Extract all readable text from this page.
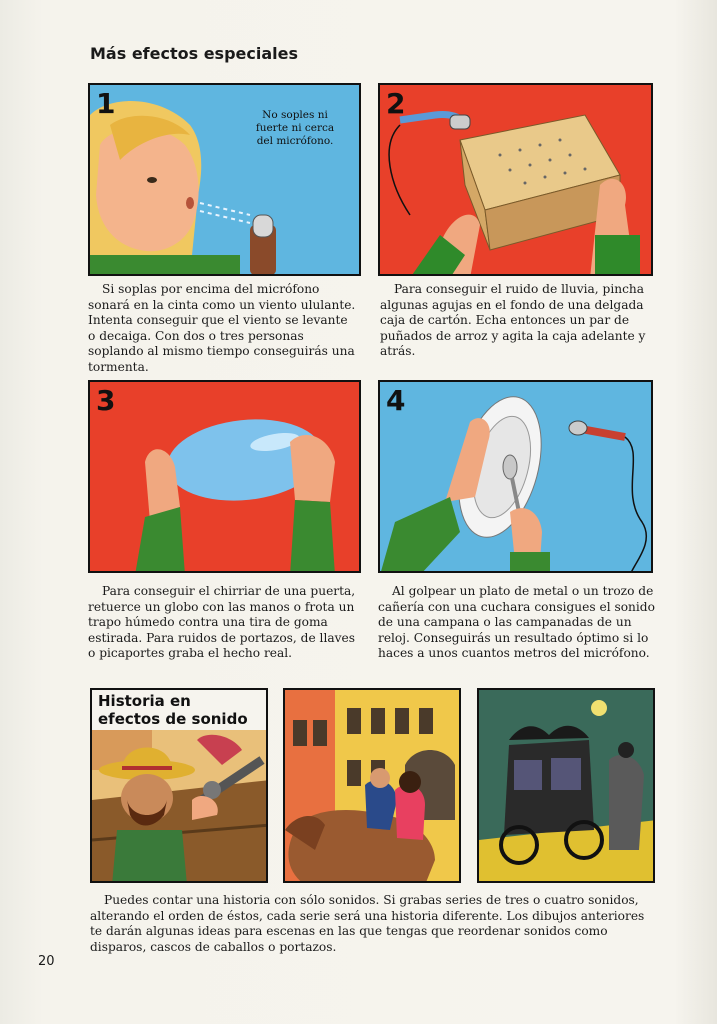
Más efectos especiales
1	No soples ni fuerte ni cerca del micrófono.
2
3	4
Si soplas por encima del micrófono sonará en la cinta como un viento ululante. Intenta conseguir que el viento se levante o decaiga. Con dos o tres personas soplando al mismo tiempo conseguirás una tormenta.
Para conseguir el ruido de lluvia, pincha algunas agujas en el fondo de una delgada caja de cartón. Echa entonces un par de puñados de arroz y agita la caja adelante y atrás.
Para conseguir el chirriar de una puerta, retuerce un globo con las manos o frota un trapo húmedo contra una tira de goma estirada. Para ruidos de portazos, de llaves o picaportes graba el hecho real.
Al golpear un plato de metal o un trozo de cañería con una cuchara consigues el sonido de una campana o las campanadas de un reloj. Conseguirás un resultado óptimo si lo haces a unos cuantos metros del micrófono.
Historia en
efectos de sonido
Puedes contar una historia con sólo sonidos. Si grabas series de tres o cuatro sonidos, alterando el orden de éstos, cada serie será una historia diferente. Los dibujos anteriores te darán algunas ideas para escenas en las que tengas que reordenar sonidos como disparos, cascos de caballos o portazos.
20
